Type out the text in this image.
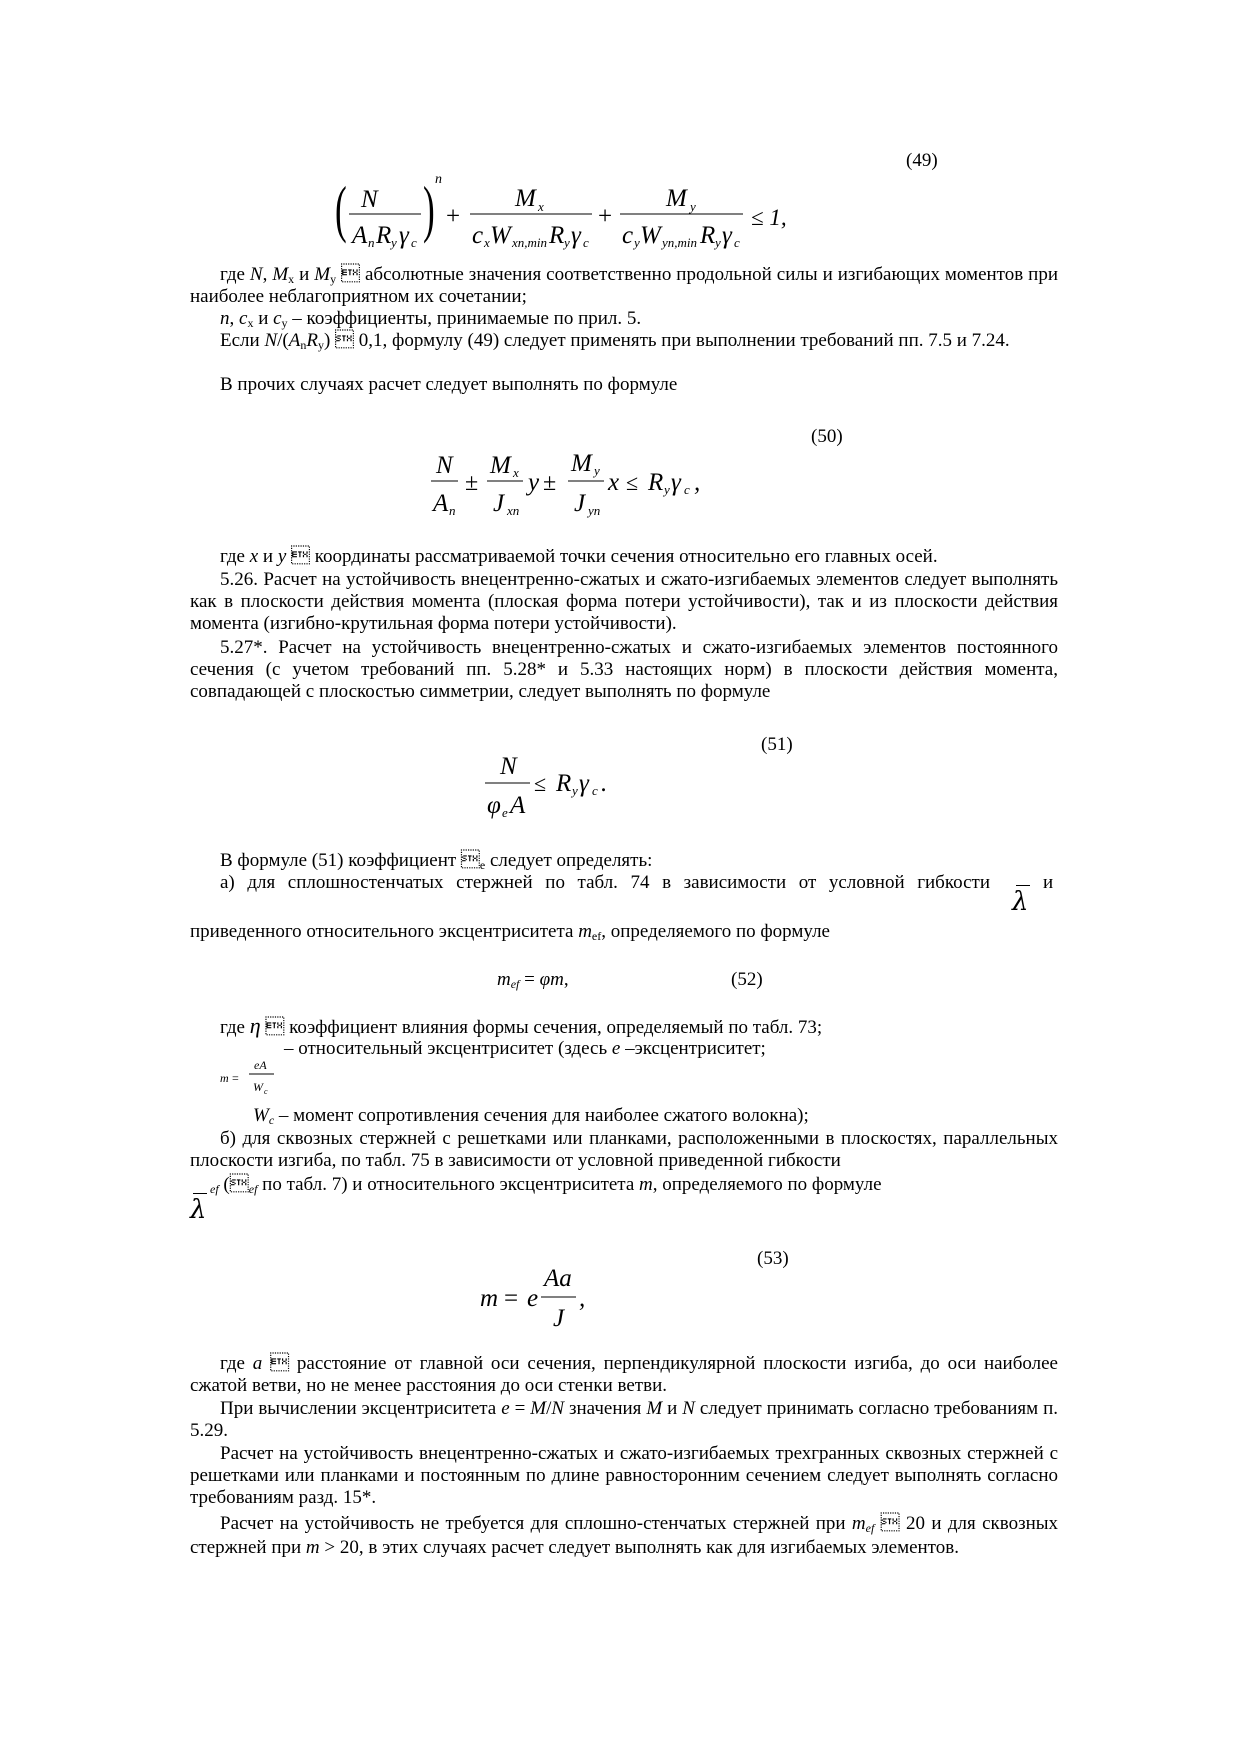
(49)
( N
A n R y γ c ) n
+
M x
c x W xn,min R y γ c
+
M y
c y W yn,min R y γ c
≤ 1,

где N, $M_x$ и $M_y$  абсолютные значения соответственно продольной силы и изгибающих моментов при наиболее неблагоприятном их сочетании;

n, $c_x$ и $c_y$ – коэффициенты, принимаемые по прил. 5.

Если $N/(A_nR_y)$  0,1, формулу (49) следует применять при выполнении требований пп. 7.5 и 7.24.

В прочих случаях расчет следует выполнять по формуле

(50)
N
A n
±
M x
J xn
y ±
M y
J yn
x ≤ R y γ c ,

где x и y  координаты рассматриваемой точки сечения относительно его главных осей.

5.26. Расчет на устойчивость внецентренно-сжатых и сжато-изгибаемых элементов следует выполнять как в плоскости действия момента (плоская форма потери устойчивости), так и из плоскости действия момента (изгибно-крутильная форма потери устойчивости).

5.27*. Расчет на устойчивость внецентренно-сжатых и сжато-изгибаемых элементов постоянного сечения (с учетом требований пп. 5.28* и 5.33 настоящих норм) в плоскости действия момента, совпадающей с плоскостью симметрии, следует выполнять по формуле

(51)
N
φ e A
≤ R y γ c .

В формуле (51) коэффициент $_e$ следует определять:

а) для сплошностенчатых стержней по табл. 74 в зависимости от условной гибкости	и
λ

приведенного относительного эксцентриситета $m_{ef}$, определяемого по формуле

$m_{ef} = \varphi m$,	(52)

где η  коэффициент влияния формы сечения, определяемый по табл. 73;

– относительный эксцентриситет (здесь e –эксцентриситет;

m =
eA
W c

$W_c$ – момент сопротивления сечения для наиболее сжатого волокна);

б) для сквозных стержней с решетками или планками, расположенными в плоскостях, параллельных плоскости изгиба, по табл. 75 в зависимости от условной приведенной гибкости

λ

$_{ef}$ ($_{ef}$ по табл. 7) и относительного эксцентриситета m, определяемого по формуле

(53)
m = e
Aa
J
,

где a  расстояние от главной оси сечения, перпендикулярной плоскости изгиба, до оси наиболее сжатой ветви, но не менее расстояния до оси стенки ветви.

При вычислении эксцентриситета e = M/N значения M и N следует принимать согласно требованиям п. 5.29.

Расчет на устойчивость внецентренно-сжатых и сжато-изгибаемых трехгранных сквозных стержней с решетками или планками и постоянным по длине равносторонним сечением следует выполнять согласно требованиям разд. 15*.

Расчет на устойчивость не требуется для сплошно-стенчатых стержней при $m_{ef}$  20 и для сквозных стержней при m > 20, в этих случаях расчет следует выполнять как для изгибаемых элементов.
